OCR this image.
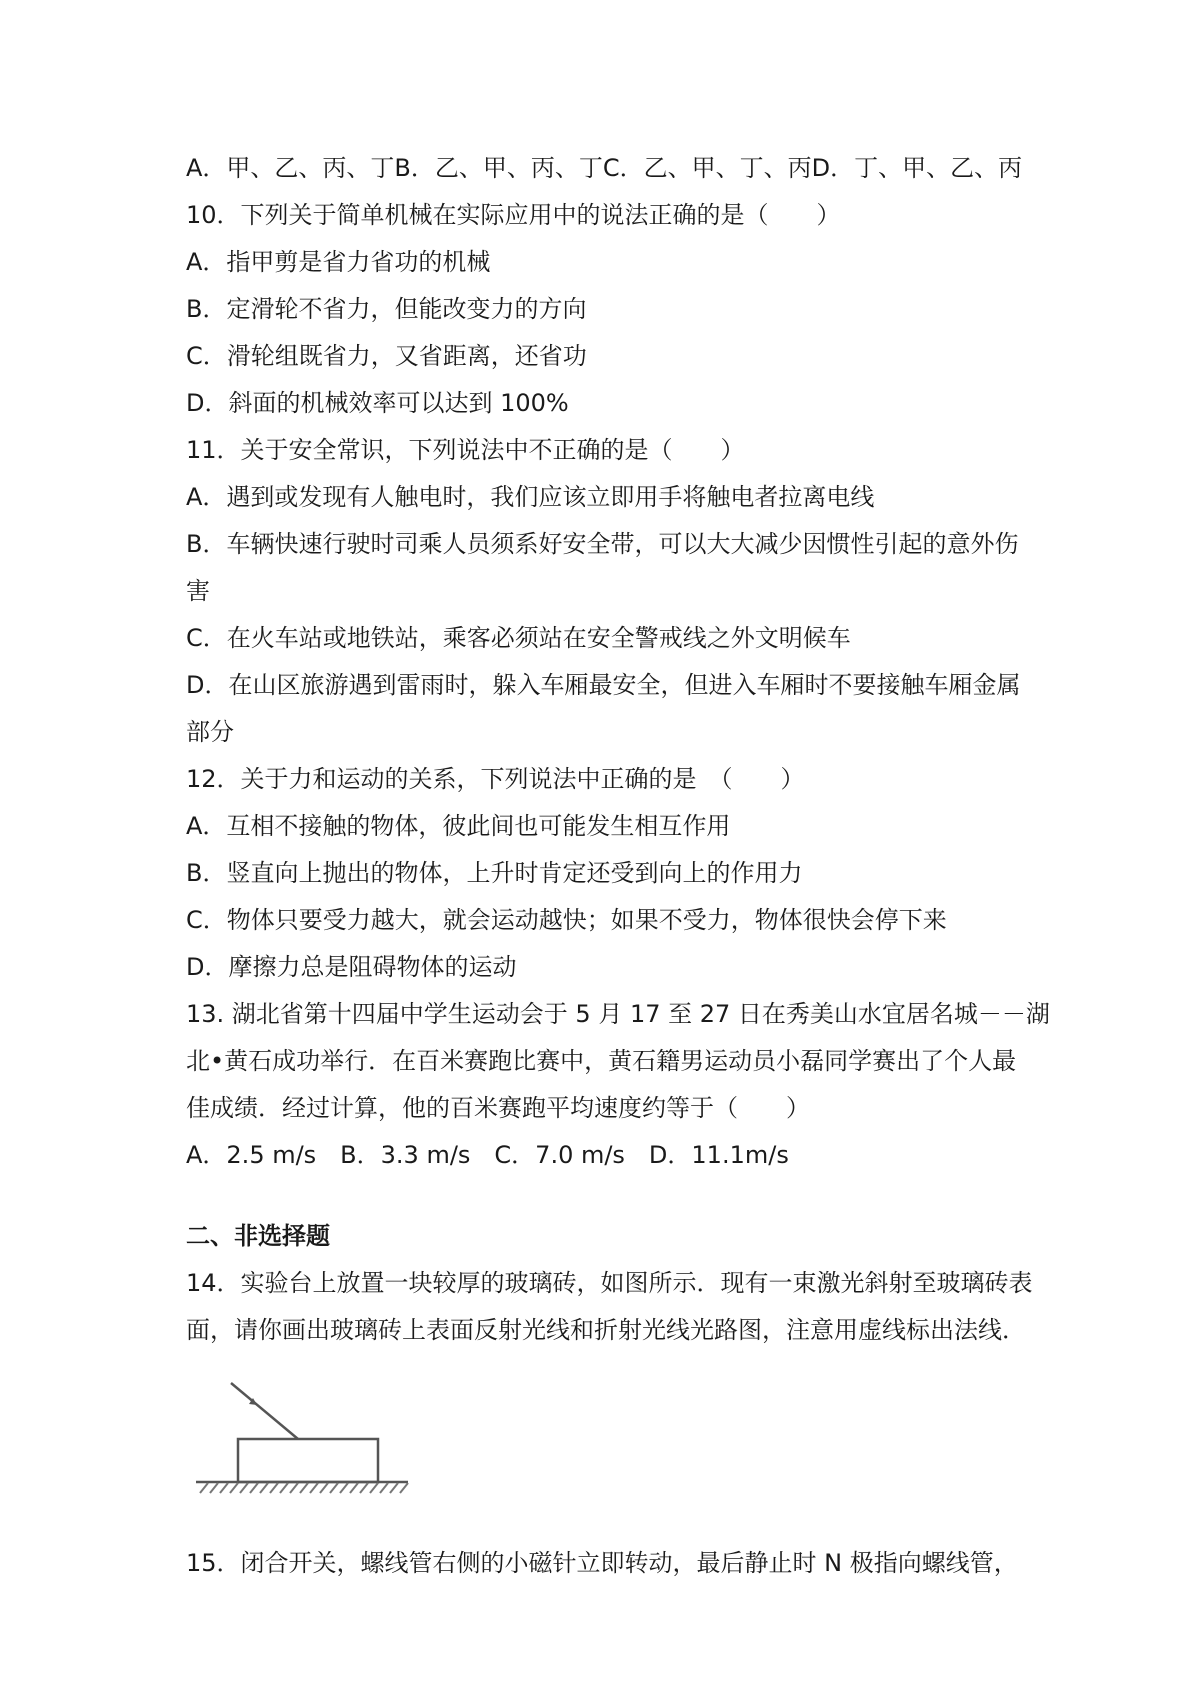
A．甲、乙、丙、丁B．乙、甲、丙、丁C．乙、甲、丁、丙D．丁、甲、乙、丙
10．下列关于简单机械在实际应用中的说法正确的是（　　）
A．指甲剪是省力省功的机械
B．定滑轮不省力，但能改变力的方向
C．滑轮组既省力，又省距离，还省功
D．斜面的机械效率可以达到 100%
11．关于安全常识，下列说法中不正确的是（　　）
A．遇到或发现有人触电时，我们应该立即用手将触电者拉离电线
B．车辆快速行驶时司乘人员须系好安全带，可以大大减少因惯性引起的意外伤
害
C．在火车站或地铁站，乘客必须站在安全警戒线之外文明候车
D．在山区旅游遇到雷雨时，躲入车厢最安全，但进入车厢时不要接触车厢金属
部分
12．关于力和运动的关系，下列说法中正确的是　（　　）
A．互相不接触的物体，彼此间也可能发生相互作用
B．竖直向上抛出的物体，上升时肯定还受到向上的作用力
C．物体只要受力越大，就会运动越快；如果不受力，物体很快会停下来
D．摩擦力总是阻碍物体的运动
13. 湖北省第十四届中学生运动会于 5 月 17 至 27 日在秀美山水宜居名城－－湖
北•黄石成功举行．在百米赛跑比赛中，黄石籍男运动员小磊同学赛出了个人最
佳成绩．经过计算，他的百米赛跑平均速度约等于（　　）
A．2.5 m/s　B．3.3 m/s　C．7.0 m/s　D．11.1m/s
二、非选择题
14．实验台上放置一块较厚的玻璃砖，如图所示．现有一束激光斜射至玻璃砖表
面，请你画出玻璃砖上表面反射光线和折射光线光路图，注意用虚线标出法线．
15．闭合开关，螺线管右侧的小磁针立即转动，最后静止时 N 极指向螺线管，
